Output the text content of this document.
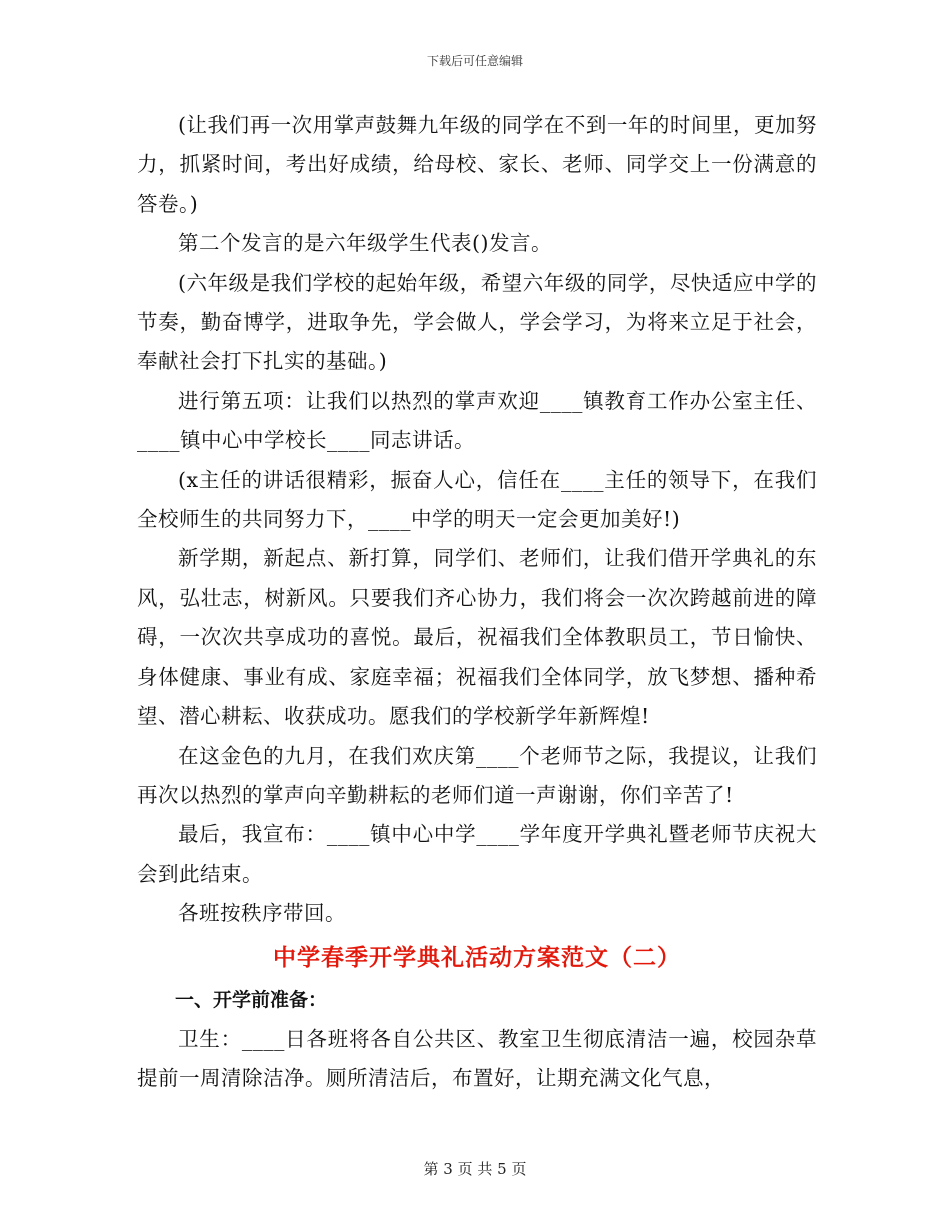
下载后可任意编辑

(让我们再一次用掌声鼓舞九年级的同学在不到一年的时间里，更加努力，抓紧时间，考出好成绩，给母校、家长、老师、同学交上一份满意的答卷。)

第二个发言的是六年级学生代表()发言。

(六年级是我们学校的起始年级，希望六年级的同学，尽快适应中学的节奏，勤奋博学，进取争先，学会做人，学会学习，为将来立足于社会，奉献社会打下扎实的基础。)

进行第五项：让我们以热烈的掌声欢迎____镇教育工作办公室主任、____镇中心中学校长____同志讲话。

(x主任的讲话很精彩，振奋人心，信任在____主任的领导下，在我们全校师生的共同努力下，____中学的明天一定会更加美好!)

新学期，新起点、新打算，同学们、老师们，让我们借开学典礼的东风，弘壮志，树新风。只要我们齐心协力，我们将会一次次跨越前进的障碍，一次次共享成功的喜悦。最后，祝福我们全体教职员工，节日愉快、身体健康、事业有成、家庭幸福；祝福我们全体同学，放飞梦想、播种希望、潜心耕耘、收获成功。愿我们的学校新学年新辉煌!

在这金色的九月，在我们欢庆第____个老师节之际，我提议，让我们再次以热烈的掌声向辛勤耕耘的老师们道一声谢谢，你们辛苦了!

最后，我宣布：____镇中心中学____学年度开学典礼暨老师节庆祝大会到此结束。

各班按秩序带回。

中学春季开学典礼活动方案范文（二）

一、开学前准备：

卫生：____日各班将各自公共区、教室卫生彻底清洁一遍，校园杂草提前一周清除洁净。厕所清洁后，布置好，让期充满文化气息，

第 3 页 共 5 页
